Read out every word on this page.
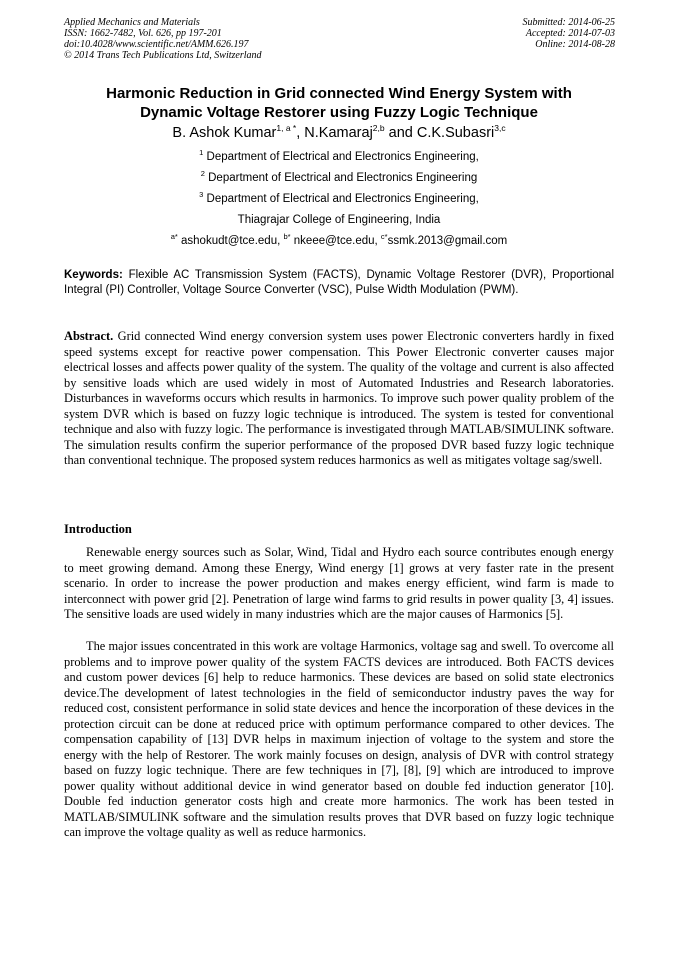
Applied Mechanics and Materials
ISSN: 1662-7482, Vol. 626, pp 197-201
doi:10.4028/www.scientific.net/AMM.626.197
© 2014 Trans Tech Publications Ltd, Switzerland
Submitted: 2014-06-25
Accepted: 2014-07-03
Online: 2014-08-28
Harmonic Reduction in Grid connected Wind Energy System with
Dynamic Voltage Restorer using Fuzzy Logic Technique
B. Ashok Kumar$^{1, a *}$, N.Kamaraj$^{2,b}$ and C.K.Subasri$^{3,c}$
$^1$ Department of Electrical and Electronics Engineering,
$^2$ Department of Electrical and Electronics Engineering
$^3$ Department of Electrical and Electronics Engineering,
Thiagrajar College of Engineering, India
$^{a*}$ ashokudt@tce.edu, $^{b*}$ nkeee@tce.edu, $^{c*}$ssmk.2013@gmail.com
Keywords: Flexible AC Transmission System (FACTS), Dynamic Voltage Restorer (DVR), Proportional Integral (PI) Controller, Voltage Source Converter (VSC), Pulse Width Modulation (PWM).
Abstract. Grid connected Wind energy conversion system uses power Electronic converters hardly in fixed speed systems except for reactive power compensation. This Power Electronic converter causes major electrical losses and affects power quality of the system. The quality of the voltage and current is also affected by sensitive loads which are used widely in most of Automated Industries and Research laboratories. Disturbances in waveforms occurs which results in harmonics. To improve such power quality problem of the system DVR which is based on fuzzy logic technique is introduced. The system is tested for conventional technique and also with fuzzy logic. The performance is investigated through MATLAB/SIMULINK software. The simulation results confirm the superior performance of the proposed DVR based fuzzy logic technique than conventional technique. The proposed system reduces harmonics as well as mitigates voltage sag/swell.
Introduction
Renewable energy sources such as Solar, Wind, Tidal and Hydro each source contributes enough energy to meet growing demand. Among these Energy, Wind energy [1] grows at very faster rate in the present scenario. In order to increase the power production and makes energy efficient, wind farm is made to interconnect with power grid [2]. Penetration of large wind farms to grid results in power quality [3, 4] issues. The sensitive loads are used widely in many industries which are the major causes of Harmonics [5].
The major issues concentrated in this work are voltage Harmonics, voltage sag and swell. To overcome all problems and to improve power quality of the system FACTS devices are introduced. Both FACTS devices and custom power devices [6] help to reduce harmonics. These devices are based on solid state electronics device.The development of latest technologies in the field of semiconductor industry paves the way for reduced cost, consistent performance in solid state devices and hence the incorporation of these devices in the protection circuit can be done at reduced price with optimum performance compared to other devices. The compensation capability of [13] DVR helps in maximum injection of voltage to the system and store the energy with the help of Restorer. The work mainly focuses on design, analysis of DVR with control strategy based on fuzzy logic technique. There are few techniques in [7], [8], [9] which are introduced to improve power quality without additional device in wind generator based on double fed induction generator [10]. Double fed induction generator costs high and create more harmonics. The work has been tested in MATLAB/SIMULINK software and the simulation results proves that DVR based on fuzzy logic technique can improve the voltage quality as well as reduce harmonics.
